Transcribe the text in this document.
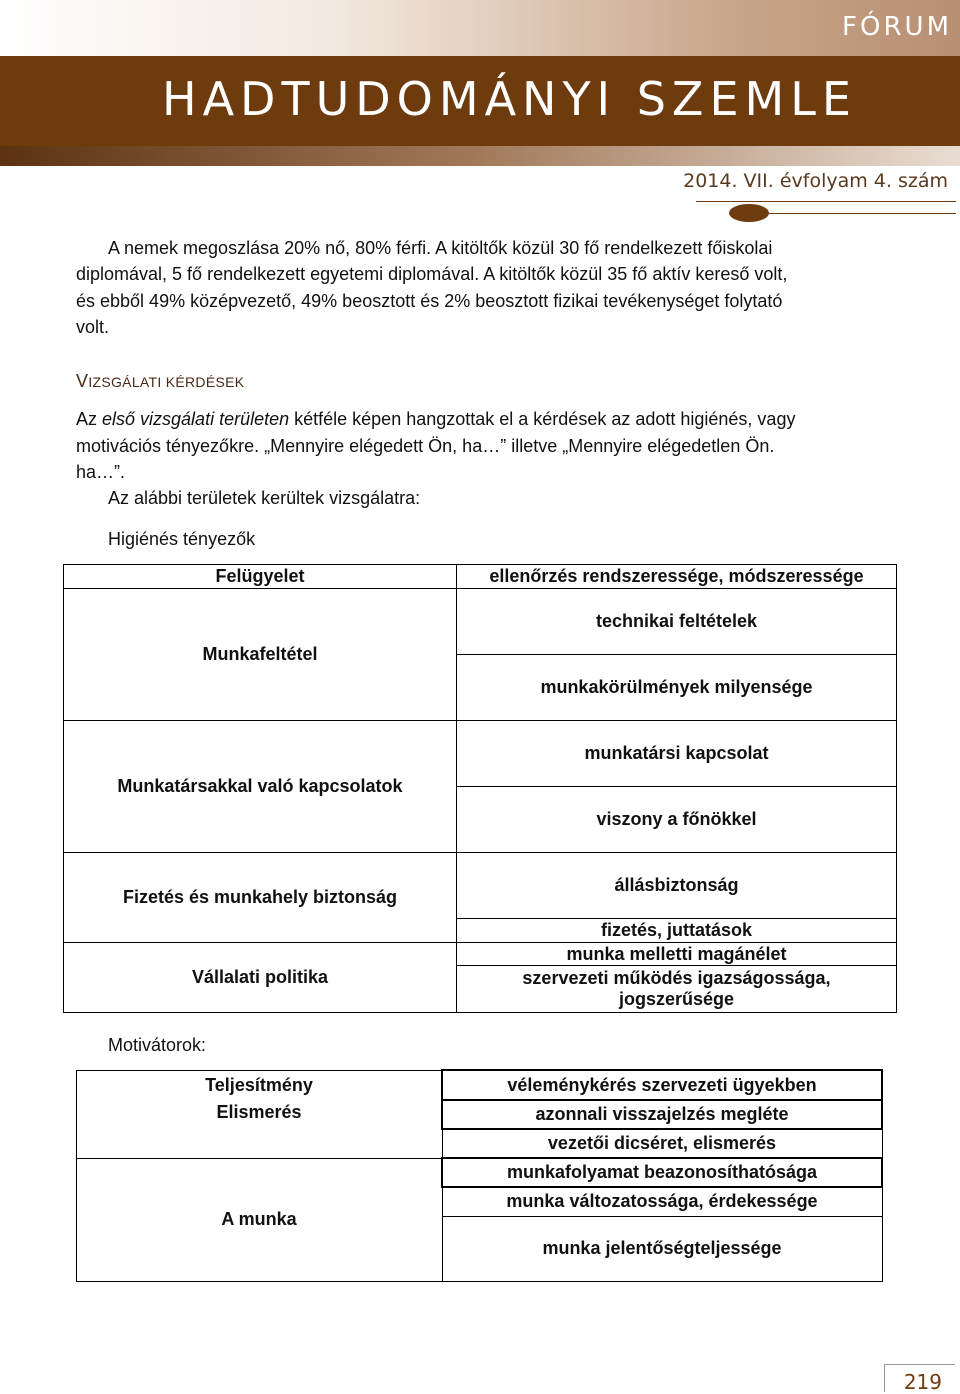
FÓRUM
HADTUDOMÁNYI SZEMLE
2014. VII. évfolyam 4. szám
A nemek megoszlása 20% nő, 80% férfi. A kitöltők közül 30 fő rendelkezett főiskolai
diplomával, 5 fő rendelkezett egyetemi diplomával. A kitöltők közül 35 fő aktív kereső volt,
és ebből 49% középvezető, 49% beosztott és 2% beosztott fizikai tevékenységet folytató
volt.
VIZSGÁLATI KÉRDÉSEK
Az első vizsgálati területen kétféle képen hangzottak el a kérdések az adott higiénés, vagy
motivációs tényezőkre. „Mennyire elégedett Ön, ha…” illetve „Mennyire elégedetlen Ön.
ha…”.
Az alábbi területek kerültek vizsgálatra:
Higiénés tényezők
Felügyelet	ellenőrzés rendszeressége, módszeressége
Munkafeltétel	technikai feltételek
	munkakörülmények milyensége
Munkatársakkal való kapcsolatok	munkatársi kapcsolat
	viszony a főnökkel
Fizetés és munkahely biztonság	állásbiztonság
	fizetés, juttatások
Vállalati politika	munka melletti magánélet
	szervezeti működés igazságossága,
jogszerűsége
Motivátorok:
Teljesítmény	véleménykérés szervezeti ügyekben
Elismerés	azonnali visszajelzés megléte
	vezetői dicséret, elismerés
A munka	munkafolyamat beazonosíthatósága
	munka változatossága, érdekessége
	munka jelentőségteljessége
219
